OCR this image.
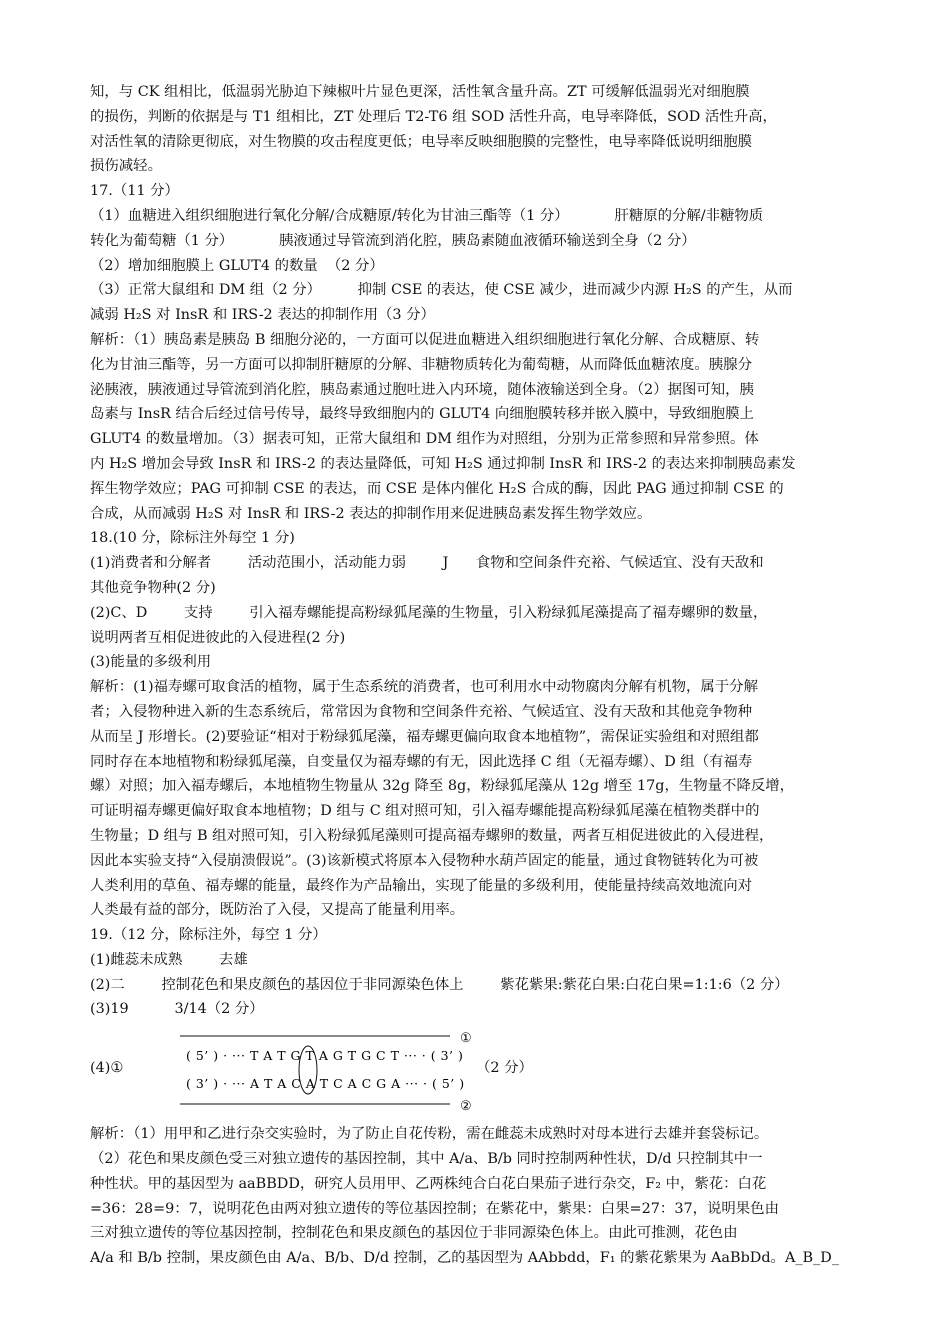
知，与 CK 组相比，低温弱光胁迫下辣椒叶片显色更深，活性氧含量升高。ZT 可缓解低温弱光对细胞膜
的损伤，判断的依据是与 T1 组相比，ZT 处理后 T2-T6 组 SOD 活性升高，电导率降低，SOD 活性升高，
对活性氧的清除更彻底，对生物膜的攻击程度更低；电导率反映细胞膜的完整性，电导率降低说明细胞膜
损伤减轻。
17.（11 分）
（1）血糖进入组织细胞进行氧化分解/合成糖原/转化为甘油三酯等（1 分）          肝糖原的分解/非糖物质
转化为葡萄糖（1 分）          胰液通过导管流到消化腔，胰岛素随血液循环输送到全身（2 分）
（2）增加细胞膜上 GLUT4 的数量  （2 分）
（3）正常大鼠组和 DM 组（2 分）        抑制 CSE 的表达，使 CSE 减少，进而减少内源 H₂S 的产生，从而
减弱 H₂S 对 InsR 和 IRS-2 表达的抑制作用（3 分）
解析：（1）胰岛素是胰岛 B 细胞分泌的，一方面可以促进血糖进入组织细胞进行氧化分解、合成糖原、转
化为甘油三酯等，另一方面可以抑制肝糖原的分解、非糖物质转化为葡萄糖，从而降低血糖浓度。胰腺分
泌胰液，胰液通过导管流到消化腔，胰岛素通过胞吐进入内环境，随体液输送到全身。（2）据图可知，胰
岛素与 InsR 结合后经过信号传导，最终导致细胞内的 GLUT4 向细胞膜转移并嵌入膜中，导致细胞膜上
GLUT4 的数量增加。（3）据表可知，正常大鼠组和 DM 组作为对照组，分别为正常参照和异常参照。体
内 H₂S 增加会导致 InsR 和 IRS-2 的表达量降低，可知 H₂S 通过抑制 InsR 和 IRS-2 的表达来抑制胰岛素发
挥生物学效应；PAG 可抑制 CSE 的表达，而 CSE 是体内催化 H₂S 合成的酶，因此 PAG 通过抑制 CSE 的
合成，从而减弱 H₂S 对 InsR 和 IRS-2 表达的抑制作用来促进胰岛素发挥生物学效应。
18.(10 分，除标注外每空 1 分)
(1)消费者和分解者        活动范围小，活动能力弱        J      食物和空间条件充裕、气候适宜、没有天敌和
其他竞争物种(2 分)
(2)C、D        支持        引入福寿螺能提高粉绿狐尾藻的生物量，引入粉绿狐尾藻提高了福寿螺卵的数量，
说明两者互相促进彼此的入侵进程(2 分)
(3)能量的多级利用
解析：(1)福寿螺可取食活的植物，属于生态系统的消费者，也可利用水中动物腐肉分解有机物，属于分解
者；入侵物种进入新的生态系统后，常常因为食物和空间条件充裕、气候适宜、没有天敌和其他竞争物种
从而呈 J 形增长。(2)要验证“相对于粉绿狐尾藻，福寿螺更偏向取食本地植物”，需保证实验组和对照组都
同时存在本地植物和粉绿狐尾藻，自变量仅为福寿螺的有无，因此选择 C 组（无福寿螺）、D 组（有福寿
螺）对照；加入福寿螺后，本地植物生物量从 32g 降至 8g，粉绿狐尾藻从 12g 增至 17g，生物量不降反增，
可证明福寿螺更偏好取食本地植物；D 组与 C 组对照可知，引入福寿螺能提高粉绿狐尾藻在植物类群中的
生物量；D 组与 B 组对照可知，引入粉绿狐尾藻则可提高福寿螺卵的数量，两者互相促进彼此的入侵进程，
因此本实验支持“入侵崩溃假说”。(3)该新模式将原本入侵物种水葫芦固定的能量，通过食物链转化为可被
人类利用的草鱼、福寿螺的能量，最终作为产品输出，实现了能量的多级利用，使能量持续高效地流向对
人类最有益的部分，既防治了入侵，又提高了能量利用率。
19.（12 分，除标注外，每空 1 分）
(1)雌蕊未成熟        去雄
(2)二        控制花色和果皮颜色的基因位于非同源染色体上        紫花紫果:紫花白果:白花白果=1:1:6（2 分）
(3)19          3/14（2 分）
(4)①
①
( 5’ ) · ··· T A T G T A G T G C T ··· · ( 3’ )
( 3’ ) · ··· A T A C A T C A C G A ··· · ( 5’ )
②
（2 分）
解析：（1）用甲和乙进行杂交实验时，为了防止自花传粉，需在雌蕊未成熟时对母本进行去雄并套袋标记。
（2）花色和果皮颜色受三对独立遗传的基因控制，其中 A/a、B/b 同时控制两种性状，D/d 只控制其中一
种性状。甲的基因型为 aaBBDD，研究人员用甲、乙两株纯合白花白果茄子进行杂交，F₂ 中，紫花：白花
=36：28=9：7，说明花色由两对独立遗传的等位基因控制；在紫花中，紫果：白果=27：37，说明果色由
三对独立遗传的等位基因控制，控制花色和果皮颜色的基因位于非同源染色体上。由此可推测，花色由
A/a 和 B/b 控制，果皮颜色由 A/a、B/b、D/d 控制，乙的基因型为 AAbbdd，F₁ 的紫花紫果为 AaBbDd。A_B_D_
